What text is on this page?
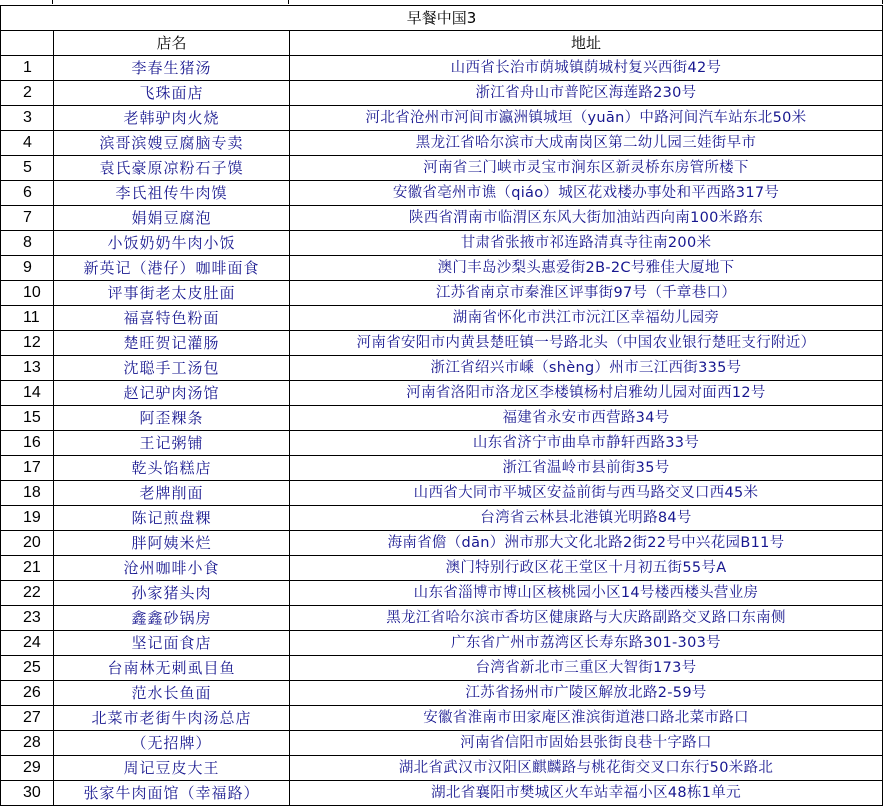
早餐中国3		
	店名	地址
1	李春生猪汤	山西省长治市荫城镇荫城村复兴西街42号
2	飞珠面店	浙江省舟山市普陀区海莲路230号
3	老韩驴肉火烧	河北省沧州市河间市瀛洲镇城垣（yuān）中路河间汽车站东北50米
4	滨哥滨嫂豆腐脑专卖	黑龙江省哈尔滨市大成南岗区第二幼儿园三娃街早市
5	袁氏豪原凉粉石子馍	河南省三门峡市灵宝市涧东区新灵桥东房管所楼下
6	李氏祖传牛肉馍	安徽省亳州市谯（qiáo）城区花戏楼办事处和平西路317号
7	娟娟豆腐泡	陕西省渭南市临渭区东风大街加油站西向南100米路东
8	小饭奶奶牛肉小饭	甘肃省张掖市祁连路清真寺往南200米
9	新英记（港仔）咖啡面食	澳门丰岛沙梨头惠爱街2B-2C号雅佳大厦地下
10	评事街老太皮肚面	江苏省南京市秦淮区评事街97号（千章巷口）
11	福喜特色粉面	湖南省怀化市洪江市沅江区幸福幼儿园旁
12	楚旺贺记灌肠	河南省安阳市内黄县楚旺镇一号路北头（中国农业银行楚旺支行附近）
13	沈聪手工汤包	浙江省绍兴市嵊（shèng）州市三江西街335号
14	赵记驴肉汤馆	河南省洛阳市洛龙区李楼镇杨村启雅幼儿园对面西12号
15	阿歪粿条	福建省永安市西营路34号
16	王记粥铺	山东省济宁市曲阜市静轩西路33号
17	乾头馅糕店	浙江省温岭市县前街35号
18	老牌削面	山西省大同市平城区安益前街与西马路交叉口西45米
19	陈记煎盘粿	台湾省云林县北港镇光明路84号
20	胖阿姨米烂	海南省儋（dān）洲市那大文化北路2街22号中兴花园B11号
21	沧州咖啡小食	澳门特别行政区花王堂区十月初五街55号A
22	孙家猪头肉	山东省淄博市博山区核桃园小区14号楼西楼头营业房
23	鑫鑫砂锅房	黑龙江省哈尔滨市香坊区健康路与大庆路副路交叉路口东南侧
24	坚记面食店	广东省广州市荔湾区长寿东路301-303号
25	台南林无刺虱目鱼	台湾省新北市三重区大智街173号
26	范水长鱼面	江苏省扬州市广陵区解放北路2-59号
27	北菜市老街牛肉汤总店	安徽省淮南市田家庵区淮滨街道港口路北菜市路口
28	（无招牌）	河南省信阳市固始县张街良巷十字路口
29	周记豆皮大王	湖北省武汉市汉阳区麒麟路与桃花街交叉口东行50米路北
30	张家牛肉面馆（幸福路）	湖北省襄阳市樊城区火车站幸福小区48栋1单元
